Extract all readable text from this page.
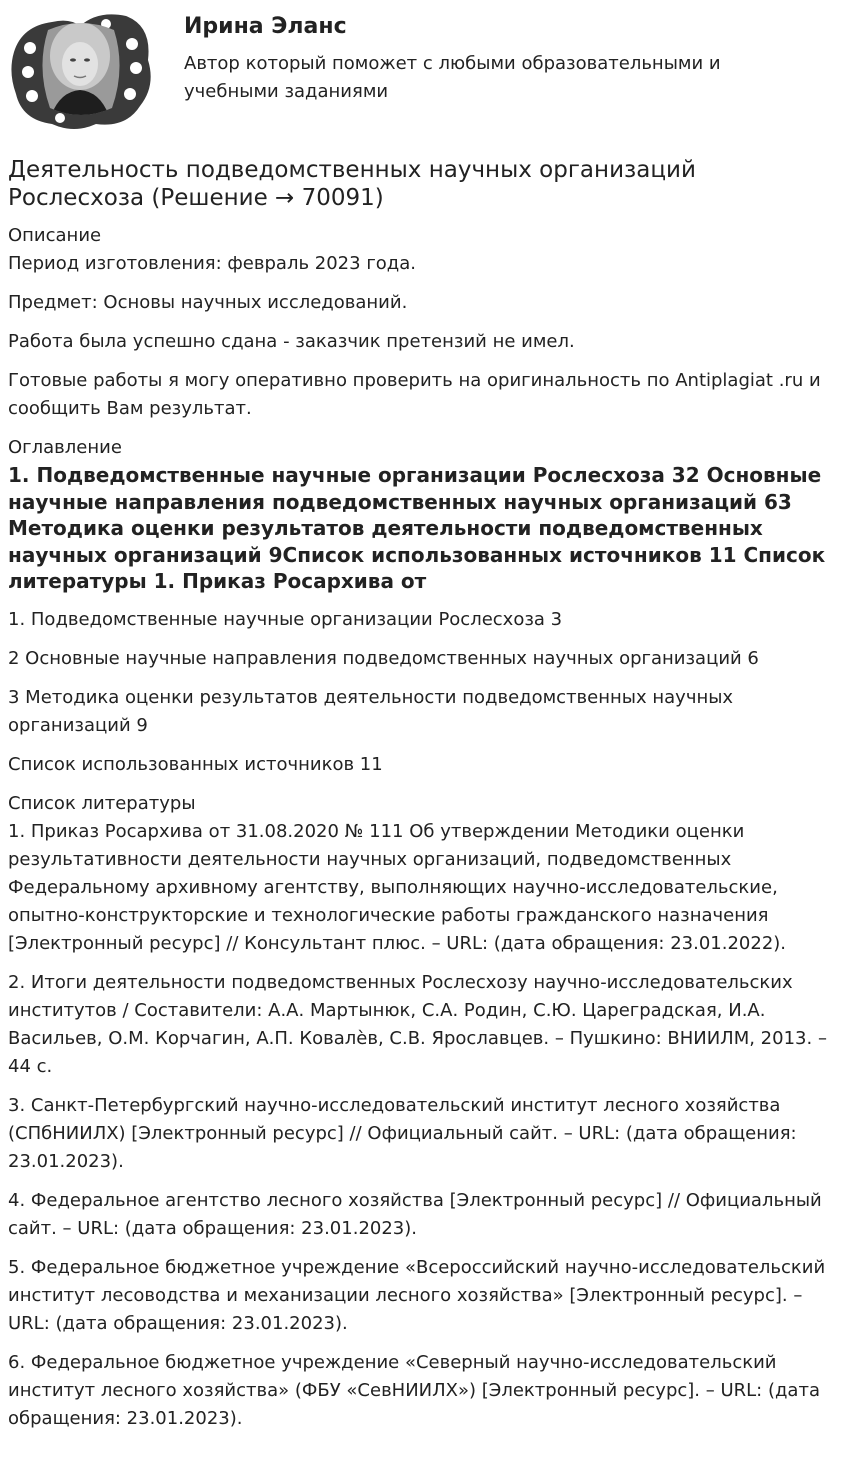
Ирина Эланс
Автор который поможет с любыми образовательными и учебными заданиями
Деятельность подведомственных научных организаций Рослесхоза (Решение → 70091)
Описание

Период изготовления: февраль 2023 года.

Предмет: Основы научных исследований.

Работа была успешно сдана - заказчик претензий не имел.

Готовые работы я могу оперативно проверить на оригинальность по Antiplagiat .ru и сообщить Вам результат.

Оглавление
1. Подведомственные научные организации Рослесхоза 32 Основные научные направления подведомственных научных организаций 63 Методика оценки результатов деятельности подведомственных научных организаций 9Список использованных источников 11 Список литературы 1. Приказ Росархива от

1. Подведомственные научные организации Рослесхоза 3

2 Основные научные направления подведомственных научных организаций 6

3 Методика оценки результатов деятельности подведомственных научных организаций 9

Список использованных источников 11

Список литературы

1. Приказ Росархива от 31.08.2020 № 111 Об утверждении Методики оценки результативности деятельности научных организаций, подведомственных Федеральному архивному агентству, выполняющих научно-исследовательские, опытно-конструкторские и технологические работы гражданского назначения [Электронный ресурс] // Консультант плюс. – URL: (дата обращения: 23.01.2022).

2. Итоги деятельности подведомственных Рослесхозу научно-исследовательских институтов / Составители: А.А. Мартынюк, С.А. Родин, С.Ю. Цареградская, И.А. Васильев, О.М. Корчагин, А.П. Ковалѐв, С.В. Ярославцев. – Пушкино: ВНИИЛМ, 2013. – 44 с.

3. Санкт-Петербургский научно-исследовательский институт лесного хозяйства (СПбНИИЛХ) [Электронный ресурс] // Официальный сайт. – URL: (дата обращения: 23.01.2023).

4. Федеральное агентство лесного хозяйства [Электронный ресурс] // Официальный сайт. – URL: (дата обращения: 23.01.2023).

5. Федеральное бюджетное учреждение «Всероссийский научно-исследовательский институт лесоводства и механизации лесного хозяйства» [Электронный ресурс]. – URL: (дата обращения: 23.01.2023).

6. Федеральное бюджетное учреждение «Северный научно-исследовательский институт лесного хозяйства» (ФБУ «СевНИИЛХ») [Электронный ресурс]. – URL: (дата обращения: 23.01.2023).
